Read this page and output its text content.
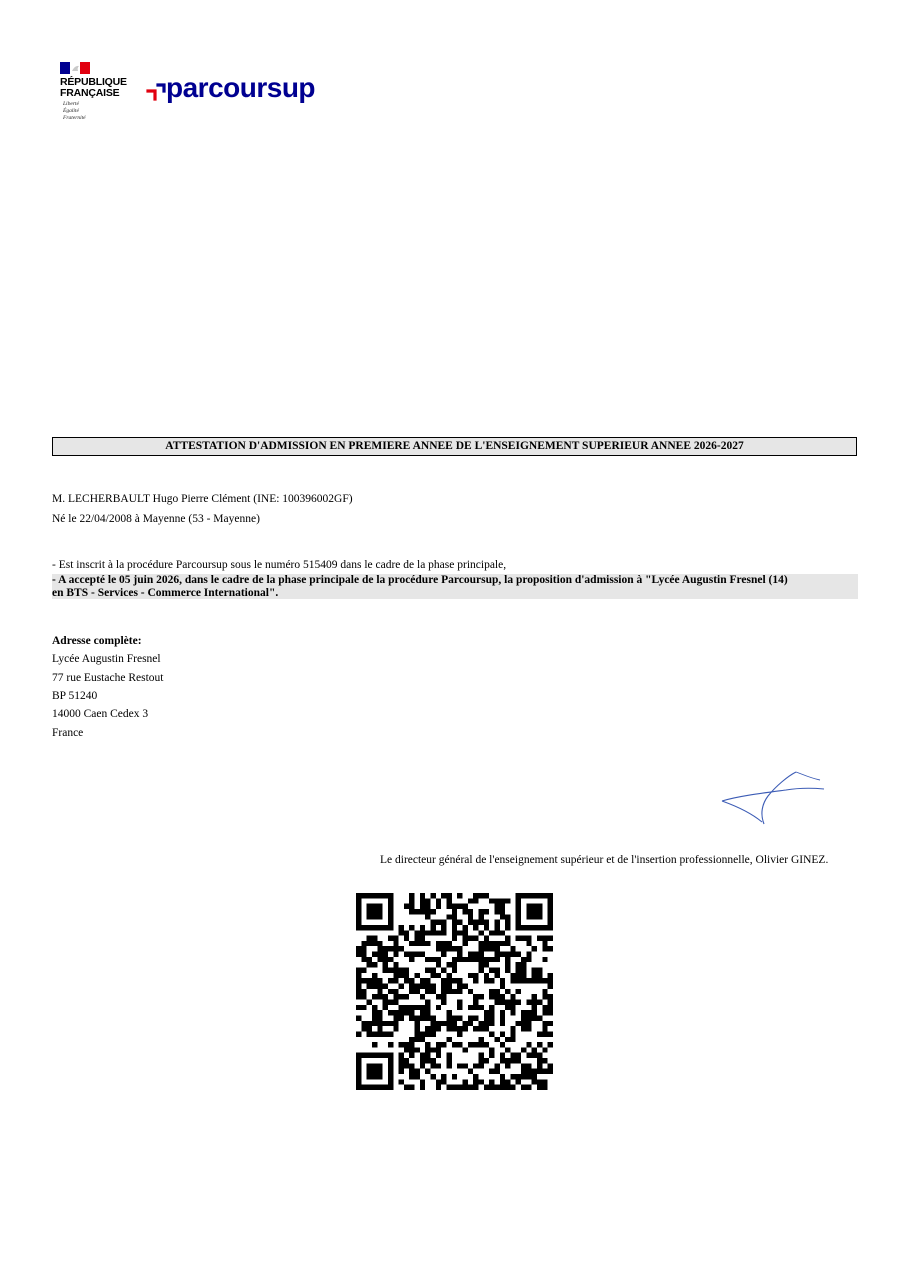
RÉPUBLIQUE
FRANÇAISE
Liberté
Égalité
Fraternité
parcoursup
ATTESTATION D'ADMISSION EN PREMIERE ANNEE DE L'ENSEIGNEMENT SUPERIEUR ANNEE 2026-2027
M. LECHERBAULT Hugo Pierre Clément (INE: 100396002GF)
Né le 22/04/2008 à Mayenne (53 - Mayenne)
- Est inscrit à la procédure Parcoursup sous le numéro 515409 dans le cadre de la phase principale,
- A accepté le 05 juin 2026, dans le cadre de la phase principale de la procédure Parcoursup, la proposition d'admission à "Lycée Augustin Fresnel (14)
en BTS - Services - Commerce International".
Adresse complète:
Lycée Augustin Fresnel
77 rue Eustache Restout
BP 51240
14000 Caen Cedex 3
France
Le directeur général de l'enseignement supérieur et de l'insertion professionnelle, Olivier GINEZ.
